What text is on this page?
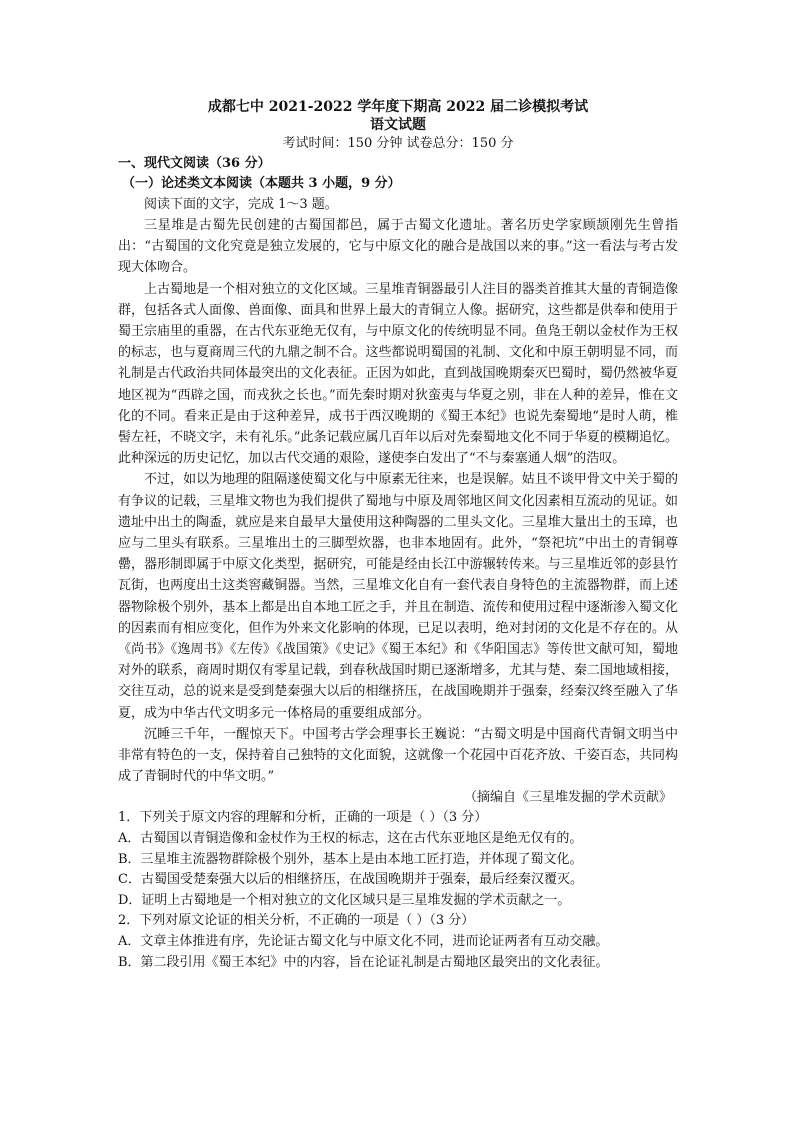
成都七中 2021-2022 学年度下期高 2022 届二诊模拟考试

语文试题

考试时间：150 分钟 试卷总分：150 分

一、现代文阅读（36 分）

（一）论述类文本阅读（本题共 3 小题，9 分）

阅读下面的文字，完成 1～3 题。

三星堆是古蜀先民创建的古蜀国都邑，属于古蜀文化遗址。著名历史学家顾颉刚先生曾指出：“古蜀国的文化究竟是独立发展的，它与中原文化的融合是战国以来的事。”这一看法与考古发现大体吻合。

上古蜀地是一个相对独立的文化区域。三星堆青铜器最引人注目的器类首推其大量的青铜造像群，包括各式人面像、兽面像、面具和世界上最大的青铜立人像。据研究，这些都是供奉和使用于蜀王宗庙里的重器，在古代东亚绝无仅有，与中原文化的传统明显不同。鱼凫王朝以金杖作为王权的标志，也与夏商周三代的九鼎之制不合。这些都说明蜀国的礼制、文化和中原王朝明显不同，而礼制是古代政治共同体最突出的文化表征。正因为如此，直到战国晚期秦灭巴蜀时，蜀仍然被华夏地区视为“西辟之国，而戎狄之长也。”而先秦时期对狄蛮夷与华夏之别，非在人种的差异，惟在文化的不同。看来正是由于这种差异，成书于西汉晚期的《蜀王本纪》也说先秦蜀地“是时人萌，椎髻左衽，不晓文字，未有礼乐。”此条记载应属几百年以后对先秦蜀地文化不同于华夏的模糊追忆。此种深远的历史记忆，加以古代交通的艰险，遂使李白发出了“不与秦塞通人烟”的浩叹。

不过，如以为地理的阻隔遂使蜀文化与中原素无往来，也是误解。姑且不谈甲骨文中关于蜀的有争议的记载，三星堆文物也为我们提供了蜀地与中原及周邻地区间文化因素相互流动的见证。如遗址中出土的陶盉，就应是来自最早大量使用这种陶器的二里头文化。三星堆大量出土的玉璋，也应与二里头有联系。三星堆出土的三脚型炊器，也非本地固有。此外，“祭祀坑”中出土的青铜尊罍，器形制即属于中原文化类型，据研究，可能是经由长江中游辗转传来。与三星堆近邻的彭县竹瓦街，也两度出土这类窖藏铜器。当然，三星堆文化自有一套代表自身特色的主流器物群，而上述器物除极个别外，基本上都是出自本地工匠之手，并且在制造、流传和使用过程中逐渐渗入蜀文化的因素而有相应变化，但作为外来文化影响的体现，已足以表明，绝对封闭的文化是不存在的。从《尚书》《逸周书》《左传》《战国策》《史记》《蜀王本纪》和《华阳国志》等传世文献可知，蜀地对外的联系，商周时期仅有零星记载，到春秋战国时期已逐渐增多，尤其与楚、秦二国地域相接，交往互动，总的说来是受到楚秦强大以后的相继挤压，在战国晚期并于强秦，经秦汉终至融入了华夏，成为中华古代文明多元一体格局的重要组成部分。

沉睡三千年，一醒惊天下。中国考古学会理事长王巍说：“古蜀文明是中国商代青铜文明当中非常有特色的一支，保持着自己独特的文化面貌，这就像一个花园中百花齐放、千姿百态，共同构成了青铜时代的中华文明。”

（摘编自《三星堆发掘的学术贡献》

1．下列关于原文内容的理解和分析，正确的一项是（ ）（3 分）

A．古蜀国以青铜造像和金杖作为王权的标志，这在古代东亚地区是绝无仅有的。

B．三星堆主流器物群除极个别外，基本上是由本地工匠打造，并体现了蜀文化。

C．古蜀国受楚秦强大以后的相继挤压，在战国晚期并于强秦，最后经秦汉覆灭。

D．证明上古蜀地是一个相对独立的文化区域只是三星堆发掘的学术贡献之一。

2．下列对原文论证的相关分析，不正确的一项是（ ）（3 分）

A．文章主体推进有序，先论证古蜀文化与中原文化不同，进而论证两者有互动交融。

B．第二段引用《蜀王本纪》中的内容，旨在论证礼制是古蜀地区最突出的文化表征。
